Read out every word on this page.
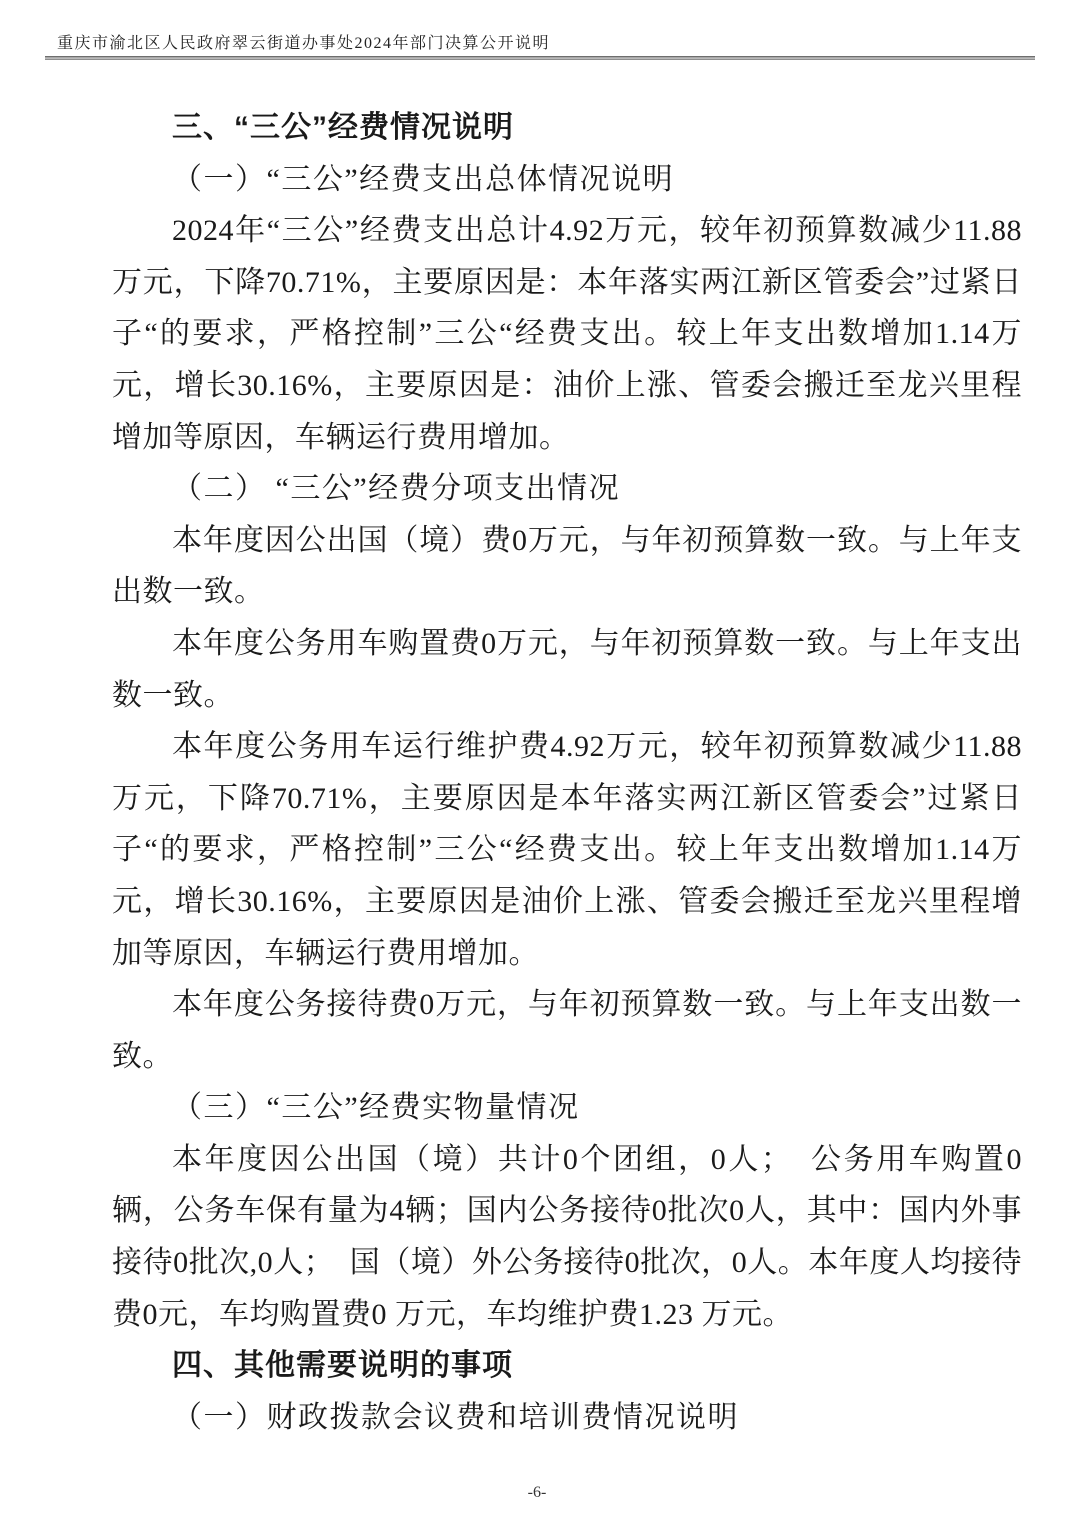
重庆市渝北区人民政府翠云街道办事处2024年部门决算公开说明
三、“三公”经费情况说明
（一）“三公”经费支出总体情况说明
2024年“三公”经费支出总计4.92万元，较年初预算数减少11.88万元，下降70.71%，主要原因是：本年落实两江新区管委会”过紧日子“的要求，严格控制”三公“经费支出。较上年支出数增加1.14万元，增长30.16%，主要原因是：油价上涨、管委会搬迁至龙兴里程增加等原因，车辆运行费用增加。
（二） “三公”经费分项支出情况
本年度因公出国（境）费0万元，与年初预算数一致。与上年支出数一致。
本年度公务用车购置费0万元，与年初预算数一致。与上年支出数一致。
本年度公务用车运行维护费4.92万元，较年初预算数减少11.88万元，下降70.71%，主要原因是本年落实两江新区管委会”过紧日子“的要求，严格控制”三公“经费支出。较上年支出数增加1.14万元，增长30.16%，主要原因是油价上涨、管委会搬迁至龙兴里程增加等原因，车辆运行费用增加。
本年度公务接待费0万元，与年初预算数一致。与上年支出数一致。
（三）“三公”经费实物量情况
本年度因公出国（境）共计0个团组，0人；　公务用车购置0辆，公务车保有量为4辆；国内公务接待0批次0人，其中：国内外事接待0批次,0人；　国（境）外公务接待0批次，0人。本年度人均接待费0元，车均购置费0 万元，车均维护费1.23 万元。
四、其他需要说明的事项
（一）财政拨款会议费和培训费情况说明
-6-
